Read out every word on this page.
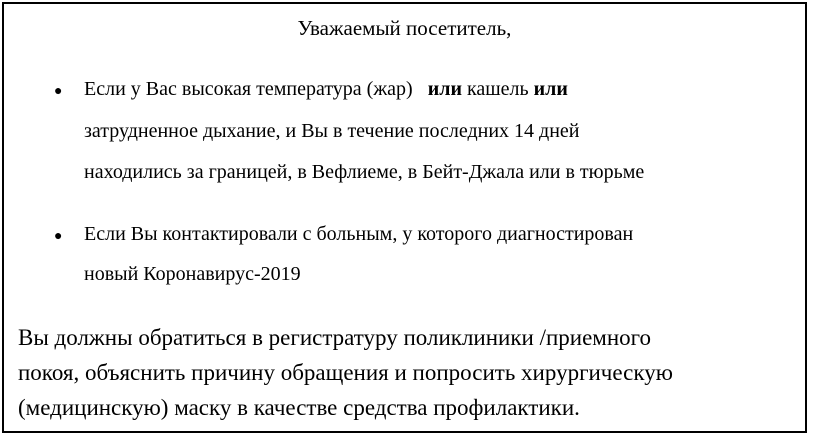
Уважаемый посетитель,
● Если у Вас высокая температура (жар) или кашель или
затрудненное дыхание, и Вы в течение последних 14 дней
находились за границей, в Вефлиеме, в Бейт-Джала или в тюрьме
● Если Вы контактировали с больным, у которого диагностирован
новый Коронавирус-2019
Вы должны обратиться в регистратуру поликлиники /приемного
покоя, объяснить причину обращения и попросить хирургическую
(медицинскую) маску в качестве средства профилактики.
